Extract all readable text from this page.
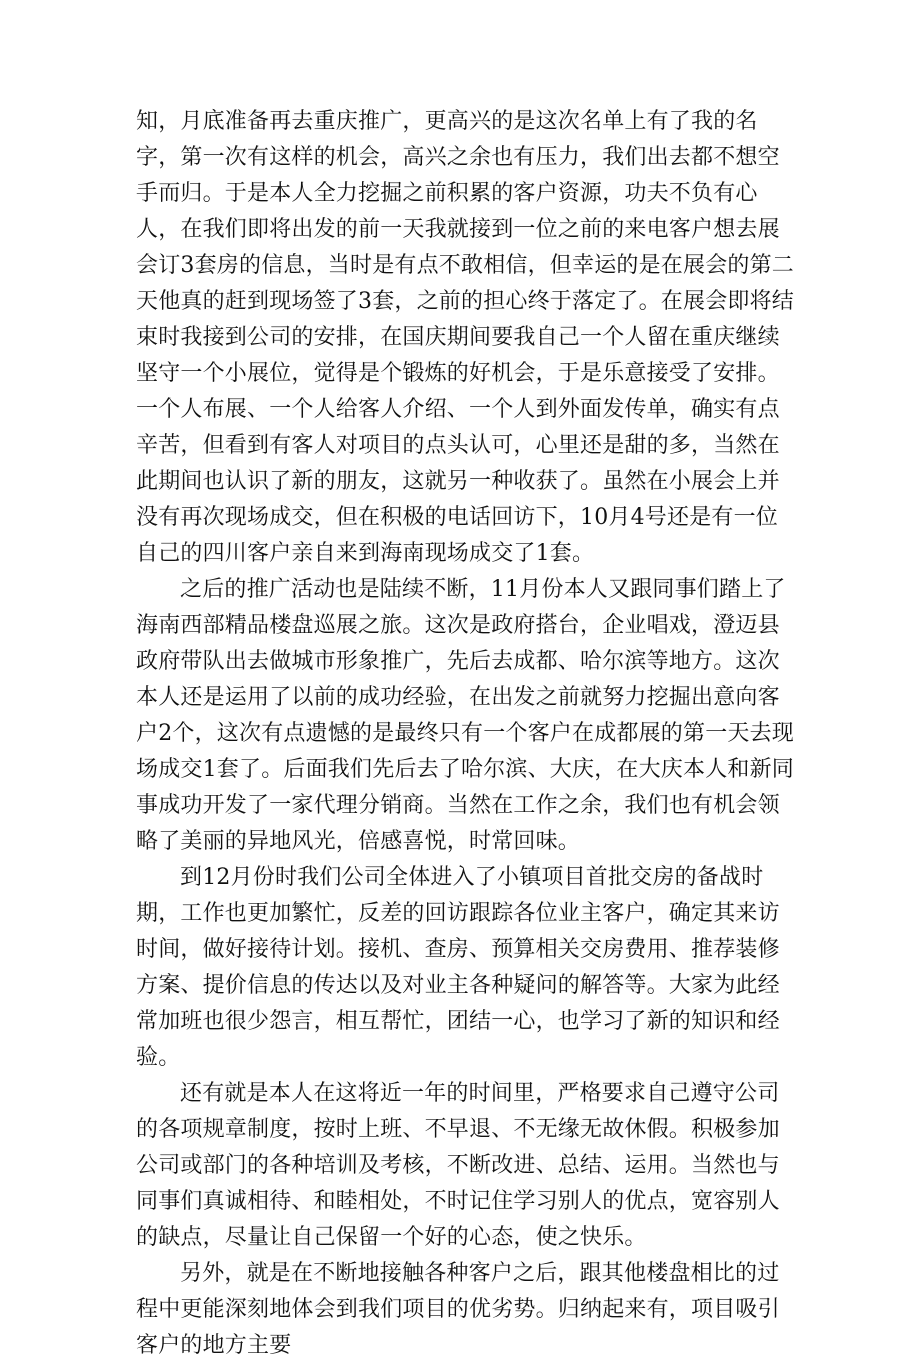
知，月底准备再去重庆推广，更高兴的是这次名单上有了我的名字，第一次有这样的机会，高兴之余也有压力，我们出去都不想空手而归。于是本人全力挖掘之前积累的客户资源，功夫不负有心人，在我们即将出发的前一天我就接到一位之前的来电客户想去展会订3套房的信息，当时是有点不敢相信，但幸运的是在展会的第二天他真的赶到现场签了3套，之前的担心终于落定了。在展会即将结束时我接到公司的安排，在国庆期间要我自己一个人留在重庆继续坚守一个小展位，觉得是个锻炼的好机会，于是乐意接受了安排。一个人布展、一个人给客人介绍、一个人到外面发传单，确实有点辛苦，但看到有客人对项目的点头认可，心里还是甜的多，当然在此期间也认识了新的朋友，这就另一种收获了。虽然在小展会上并没有再次现场成交，但在积极的电话回访下，10月4号还是有一位自己的四川客户亲自来到海南现场成交了1套。

之后的推广活动也是陆续不断，11月份本人又跟同事们踏上了海南西部精品楼盘巡展之旅。这次是政府搭台，企业唱戏，澄迈县政府带队出去做城市形象推广，先后去成都、哈尔滨等地方。这次本人还是运用了以前的成功经验，在出发之前就努力挖掘出意向客户2个，这次有点遗憾的是最终只有一个客户在成都展的第一天去现场成交1套了。后面我们先后去了哈尔滨、大庆，在大庆本人和新同事成功开发了一家代理分销商。当然在工作之余，我们也有机会领略了美丽的异地风光，倍感喜悦，时常回味。

到12月份时我们公司全体进入了小镇项目首批交房的备战时期，工作也更加繁忙，反差的回访跟踪各位业主客户，确定其来访时间，做好接待计划。接机、查房、预算相关交房费用、推荐装修方案、提价信息的传达以及对业主各种疑问的解答等。大家为此经常加班也很少怨言，相互帮忙，团结一心，也学习了新的知识和经验。

还有就是本人在这将近一年的时间里，严格要求自己遵守公司的各项规章制度，按时上班、不早退、不无缘无故休假。积极参加公司或部门的各种培训及考核，不断改进、总结、运用。当然也与同事们真诚相待、和睦相处，不时记住学习别人的优点，宽容别人的缺点，尽量让自己保留一个好的心态，使之快乐。

另外，就是在不断地接触各种客户之后，跟其他楼盘相比的过程中更能深刻地体会到我们项目的优劣势。归纳起来有，项目吸引客户的地方主要
